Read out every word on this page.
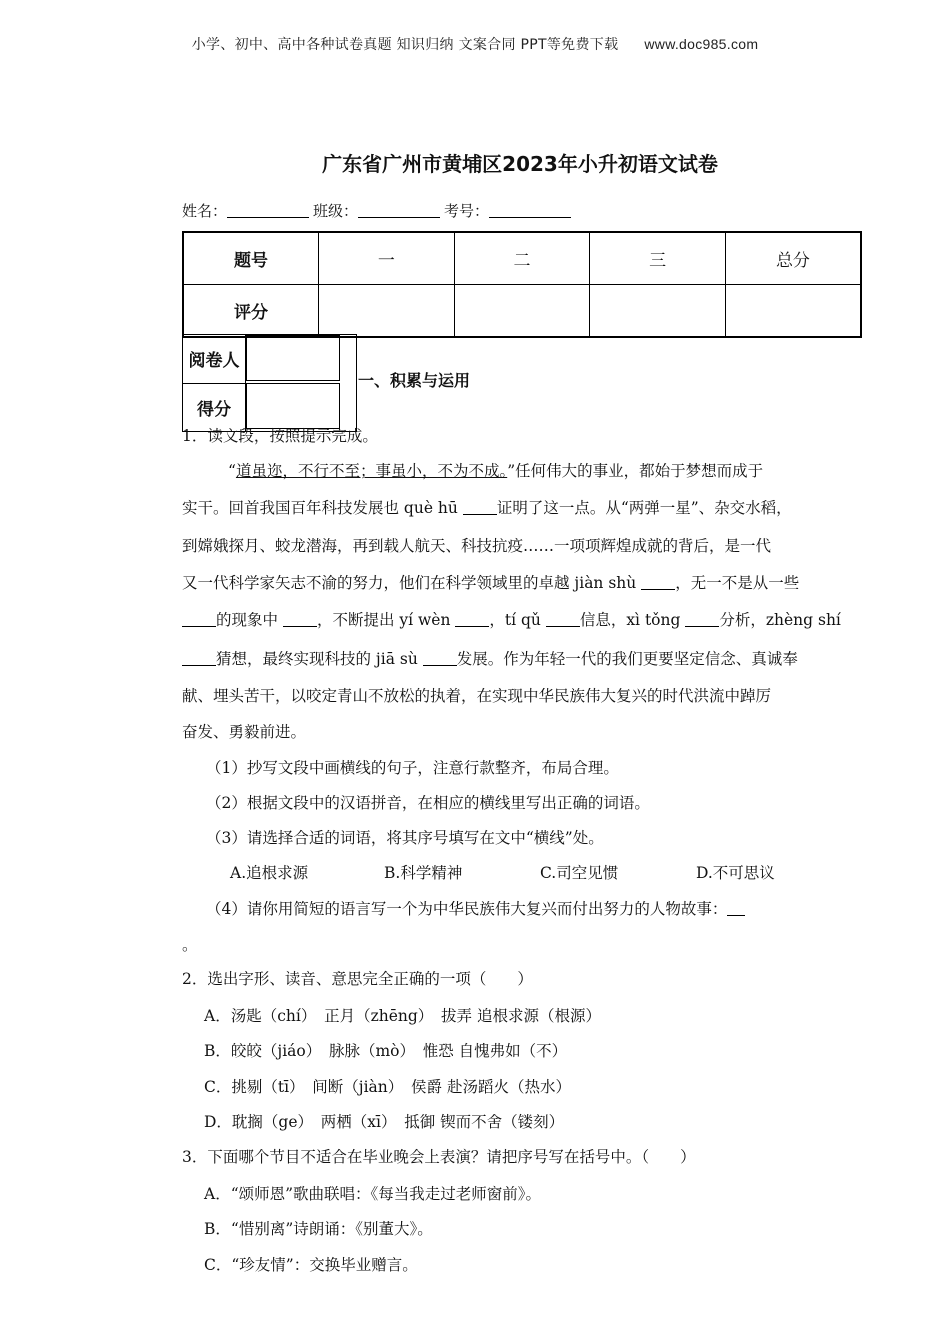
小学、初中、高中各种试卷真题 知识归纳 文案合同 PPT等免费下载 www.doc985.com
广东省广州市黄埔区2023年小升初语文试卷
姓名：	班级：	考号：
题号	一	二	三	总分
评分				
阅卷人	
得分	
一、积累与运用
1．读文段，按照提示完成。
“道虽迩，不行不至；事虽小，不为不成。”任何伟大的事业，都始于梦想而成于
实干。回首我国百年科技发展也 què hū 证明了这一点。从“两弹一星”、杂交水稻，
到嫦娥探月、蛟龙潜海，再到载人航天、科技抗疫……一项项辉煌成就的背后，是一代
又一代科学家矢志不渝的努力，他们在科学领域里的卓越 jiàn shù ，无一不是从一些
的现象中 ，不断提出 yí wèn ，tí qǔ 信息，xì tǒng 分析，zhèng shí
猜想，最终实现科技的 jiā sù 发展。作为年轻一代的我们更要坚定信念、真诚奉
献、埋头苦干，以咬定青山不放松的执着，在实现中华民族伟大复兴的时代洪流中踔厉
奋发、勇毅前进。
（1）抄写文段中画横线的句子，注意行款整齐，布局合理。
（2）根据文段中的汉语拼音，在相应的横线里写出正确的词语。
（3）请选择合适的词语，将其序号填写在文中“横线”处。
A.追根求源	B.科学精神	C.司空见惯	D.不可思议
（4）请你用简短的语言写一个为中华民族伟大复兴而付出努力的人物故事：
。
2．选出字形、读音、意思完全正确的一项（　　）
A．汤匙（chí）　正月（zhēng）　拔弄 追根求源（根源）
B．皎皎（jiáo）　脉脉（mò）　惟恐 自愧弗如（不）
C．挑剔（tī）　间断（jiàn）　侯爵 赴汤蹈火（热水）
D．耽搁（ge）　两栖（xī）　抵御 锲而不舍（镂刻）
3．下面哪个节目不适合在毕业晚会上表演？请把序号写在括号中。（　　）
A．“颂师恩”歌曲联唱：《每当我走过老师窗前》。
B．“惜别离”诗朗诵：《别董大》。
C．“珍友情”：交换毕业赠言。
